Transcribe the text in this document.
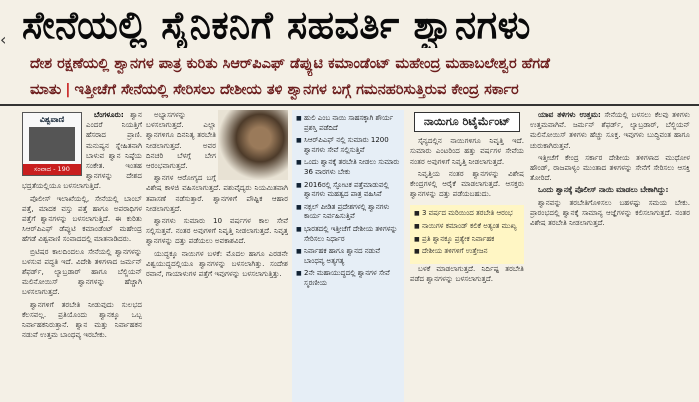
‹ ಸೇನೆಯಲ್ಲಿ ಸೈನಿಕನಿಗೆ ಸಹವರ್ತಿ ಶ್ವಾನಗಳು
ದೇಶ ರಕ್ಷಣೆಯಲ್ಲಿ ಶ್ವಾನಗಳ ಪಾತ್ರ ಕುರಿತು ಸಿಆರ್‌ಪಿಎಫ್ ಡೆಪ್ಯುಟಿ ಕಮಾಂಡೆಂಟ್ ಮಹೇಂದ್ರ ಮಹಾಬಲೇಶ್ವರ ಹೆಗಡೆ
ಮಾತು | ಇತ್ತೀಚೆಗೆ ಸೇನೆಯಲ್ಲಿ ಸೇರಿಸಲು ದೇಶೀಯ ತಳಿ ಶ್ವಾನಗಳ ಬಗ್ಗೆ ಗಮನಹರಿಸುತ್ತಿರುವ ಕೇಂದ್ರ ಸರ್ಕಾರ
ವಿಶ್ವವಾಣಿ
ಸಂವಾದ - 190

ಬೆಂಗಳೂರು: ಶ್ವಾನ ಎಂದರೆ ನಿಯತ್ತಿಗೆ ಹೆಸರಾದ ಪ್ರಾಣಿ. ಮನುಷ್ಯನ ಸ್ನೇಹಿತನಾಗಿ ಬಾಳುವ ಶ್ವಾನ ನಿಷ್ಠೆಯ ಸಂಕೇತ. ಇಂತಹ ಶ್ವಾನಗಳನ್ನು ದೇಶದ ಭದ್ರತೆಯಲ್ಲಿಯೂ ಬಳಸಲಾಗುತ್ತಿದೆ.

ಪೊಲೀಸ್ ಇಲಾಖೆಯಲ್ಲಿ, ಸೇನೆಯಲ್ಲಿ ಬಾಂಬ್ ಪತ್ತೆ, ಮಾದಕ ವಸ್ತು ಪತ್ತೆ ಹಾಗೂ ಅಪರಾಧಿಗಳ ಪತ್ತೆಗೆ ಶ್ವಾನಗಳನ್ನು ಬಳಸಲಾಗುತ್ತಿದೆ. ಈ ಕುರಿತು ಸಿಆರ್‌ಪಿಎಫ್ ಡೆಪ್ಯುಟಿ ಕಮಾಂಡೆಂಟ್ ಮಹೇಂದ್ರ ಹೆಗಡೆ ವಿಶ್ವವಾಣಿ ಸಂವಾದದಲ್ಲಿ ಮಾತನಾಡಿದರು.

ಬ್ರಿಟಿಷರ ಕಾಲದಿಂದಲೂ ಸೇನೆಯಲ್ಲಿ ಶ್ವಾನಗಳನ್ನು ಬಳಸುವ ಪದ್ಧತಿ ಇದೆ. ವಿದೇಶಿ ತಳಿಗಳಾದ ಜರ್ಮನ್ ಶೆಫರ್ಡ್, ಲ್ಯಾಬ್ರಡಾರ್ ಹಾಗೂ ಬೆಲ್ಜಿಯನ್ ಮಲಿನೋಯಿಸ್ ಶ್ವಾನಗಳನ್ನು ಹೆಚ್ಚಾಗಿ ಬಳಸಲಾಗುತ್ತದೆ.

ಶ್ವಾನಗಳಿಗೆ ತರಬೇತಿ ನೀಡುವುದು ಸುಲಭದ ಕೆಲಸವಲ್ಲ. ಪ್ರತಿಯೊಂದು ಶ್ವಾನಕ್ಕೂ ಒಬ್ಬ ನಿರ್ವಾಹಕನಿರುತ್ತಾನೆ. ಶ್ವಾನ ಮತ್ತು ನಿರ್ವಾಹಕನ ನಡುವೆ ಉತ್ತಮ ಬಾಂಧವ್ಯ ಇರಬೇಕು.

ಅಭ್ಯಾಸಗಳನ್ನು ಬಳಸಲಾಗುತ್ತದೆ. ಎಲ್ಲಾ ಶ್ವಾನಗಳಿಗೂ ದಿನನಿತ್ಯ ತರಬೇತಿ ನೀಡಲಾಗುತ್ತದೆ. ಅವರ ದಿನಚರಿ ಬೆಳಗ್ಗೆ ಬೇಗ ಆರಂಭವಾಗುತ್ತದೆ.

ಶ್ವಾನಗಳ ಆರೋಗ್ಯದ ಬಗ್ಗೆ ವಿಶೇಷ ಕಾಳಜಿ ವಹಿಸಲಾಗುತ್ತದೆ. ಪಶುವೈದ್ಯರು ನಿಯಮಿತವಾಗಿ ತಪಾಸಣೆ ನಡೆಸುತ್ತಾರೆ. ಶ್ವಾನಗಳಿಗೆ ಪೌಷ್ಟಿಕ ಆಹಾರ ನೀಡಲಾಗುತ್ತದೆ.

ಶ್ವಾನಗಳು ಸುಮಾರು 10 ವರ್ಷಗಳ ಕಾಲ ಸೇವೆ ಸಲ್ಲಿಸುತ್ತವೆ. ನಂತರ ಅವುಗಳಿಗೆ ನಿವೃತ್ತಿ ನೀಡಲಾಗುತ್ತದೆ. ನಿವೃತ್ತ ಶ್ವಾನಗಳನ್ನು ದತ್ತು ಪಡೆಯಲು ಅವಕಾಶವಿದೆ.

ಯುದ್ಧಕ್ಕೂ ನಾಯಿಗಳ ಬಳಕೆ: ಮೊದಲ ಹಾಗೂ ಎರಡನೇ ವಿಶ್ವಯುದ್ಧದಲ್ಲಿಯೂ ಶ್ವಾನಗಳನ್ನು ಬಳಸಲಾಗಿತ್ತು. ಸಂದೇಶ ರವಾನೆ, ಗಾಯಾಳುಗಳ ಪತ್ತೆಗೆ ಇವುಗಳನ್ನು ಬಳಸಲಾಗುತ್ತಿತ್ತು.

■ ಹುಲಿ ಎಂಬ ನಾಯಿ ಸಾಹಸಕ್ಕಾಗಿ ಶೌರ್ಯ ಪ್ರಶಸ್ತಿ ಪಡೆದಿದೆ
■ ಸಿಆರ್‌ಪಿಎಫ್ ನಲ್ಲಿ ಸುಮಾರು 1200 ಶ್ವಾನಗಳು ಸೇವೆ ಸಲ್ಲಿಸುತ್ತಿವೆ
■ ಒಂದು ಶ್ವಾನಕ್ಕೆ ತರಬೇತಿ ನೀಡಲು ಸುಮಾರು 36 ವಾರಗಳು ಬೇಕು
■ 2016ರಲ್ಲಿ ಸ್ಫೋಟಕ ಪತ್ತೆಮಾಡುವಲ್ಲಿ ಶ್ವಾನಗಳು ಮಹತ್ವದ ಪಾತ್ರ ವಹಿಸಿವೆ
■ ನಕ್ಸಲ್ ಪೀಡಿತ ಪ್ರದೇಶಗಳಲ್ಲಿ ಶ್ವಾನಗಳು ಕಾರ್ಯ ನಿರ್ವಹಿಸುತ್ತಿವೆ
■ ಭಾರತದಲ್ಲಿ ಇತ್ತೀಚೆಗೆ ದೇಶೀಯ ತಳಿಗಳನ್ನು ಸೇರಿಸಲು ನಿರ್ಧಾರ
■ ನಿರ್ವಾಹಕ ಹಾಗೂ ಶ್ವಾನದ ನಡುವೆ ಬಾಂಧವ್ಯ ಅತ್ಯಗತ್ಯ
■ 2ನೇ ಮಹಾಯುದ್ಧದಲ್ಲಿ ಶ್ವಾನಗಳ ಸೇವೆ ಸ್ಮರಣೀಯ
ನಾಯಿಗೂ ರಿಟೈರ್ಮೆಂಟ್

ಸೈನ್ಯದಲ್ಲಿನ ನಾಯಿಗಳಿಗೂ ನಿವೃತ್ತಿ ಇದೆ. ಸುಮಾರು ಎಂಟರಿಂದ ಹತ್ತು ವರ್ಷಗಳ ಸೇವೆಯ ನಂತರ ಅವುಗಳಿಗೆ ನಿವೃತ್ತಿ ನೀಡಲಾಗುತ್ತದೆ.

ನಿವೃತ್ತಿಯ ನಂತರ ಶ್ವಾನಗಳನ್ನು ವಿಶೇಷ ಕೇಂದ್ರಗಳಲ್ಲಿ ಆರೈಕೆ ಮಾಡಲಾಗುತ್ತದೆ. ಆಸಕ್ತರು ಶ್ವಾನಗಳನ್ನು ದತ್ತು ಪಡೆಯಬಹುದು.

■ 3 ವರ್ಷದ ಮರಿಯಿಂದ ತರಬೇತಿ ಆರಂಭ
■ ನಾಯಿಗಳ ಕಮಾಂಡ್ ಕಲಿಕೆ ಅತ್ಯಂತ ಮುಖ್ಯ
■ ಪ್ರತಿ ಶ್ವಾನಕ್ಕೂ ಪ್ರತ್ಯೇಕ ನಿರ್ವಾಹಕ
■ ದೇಶೀಯ ತಳಿಗಳಿಗೆ ಉತ್ತೇಜನ

ಬಳಕೆ ಮಾಡಲಾಗುತ್ತದೆ. ನಿರ್ದಿಷ್ಟ ತರಬೇತಿ ಪಡೆದ ಶ್ವಾನಗಳನ್ನು ಬಳಸಲಾಗುತ್ತದೆ.

ಯಾವ ತಳಿಗಳು ಉತ್ತಮ: ಸೇನೆಯಲ್ಲಿ ಬಳಸಲು ಕೆಲವು ತಳಿಗಳು ಉತ್ತಮವಾಗಿವೆ. ಜರ್ಮನ್ ಶೆಫರ್ಡ್, ಲ್ಯಾಬ್ರಡಾರ್, ಬೆಲ್ಜಿಯನ್ ಮಲಿನೋಯಿಸ್ ತಳಿಗಳು ಹೆಚ್ಚು ಸೂಕ್ತ. ಇವುಗಳು ಬುದ್ಧಿವಂತ ಹಾಗೂ ಚುರುಕಾಗಿರುತ್ತವೆ.

ಇತ್ತೀಚೆಗೆ ಕೇಂದ್ರ ಸರ್ಕಾರ ದೇಶೀಯ ತಳಿಗಳಾದ ಮುಧೋಳ ಹೌಂಡ್, ರಾಜಪಾಳ್ಯಂ ಮುಂತಾದ ತಳಿಗಳನ್ನು ಸೇನೆಗೆ ಸೇರಿಸಲು ಆಸಕ್ತಿ ತೋರಿದೆ.

ಒಂದು ಶ್ವಾನಕ್ಕೆ ಪೊಲೀಸ್ ನಾಯಿ ಮಾಡಲು ಬೇಕಾಗಿದ್ದು:

ಶ್ವಾನವನ್ನು ತರಬೇತಿಗೊಳಿಸಲು ಬಹಳಷ್ಟು ಸಮಯ ಬೇಕು. ಪ್ರಾರಂಭದಲ್ಲಿ ಶ್ವಾನಕ್ಕೆ ಸಾಮಾನ್ಯ ಆಜ್ಞೆಗಳನ್ನು ಕಲಿಸಲಾಗುತ್ತದೆ. ನಂತರ ವಿಶೇಷ ತರಬೇತಿ ನೀಡಲಾಗುತ್ತದೆ.
